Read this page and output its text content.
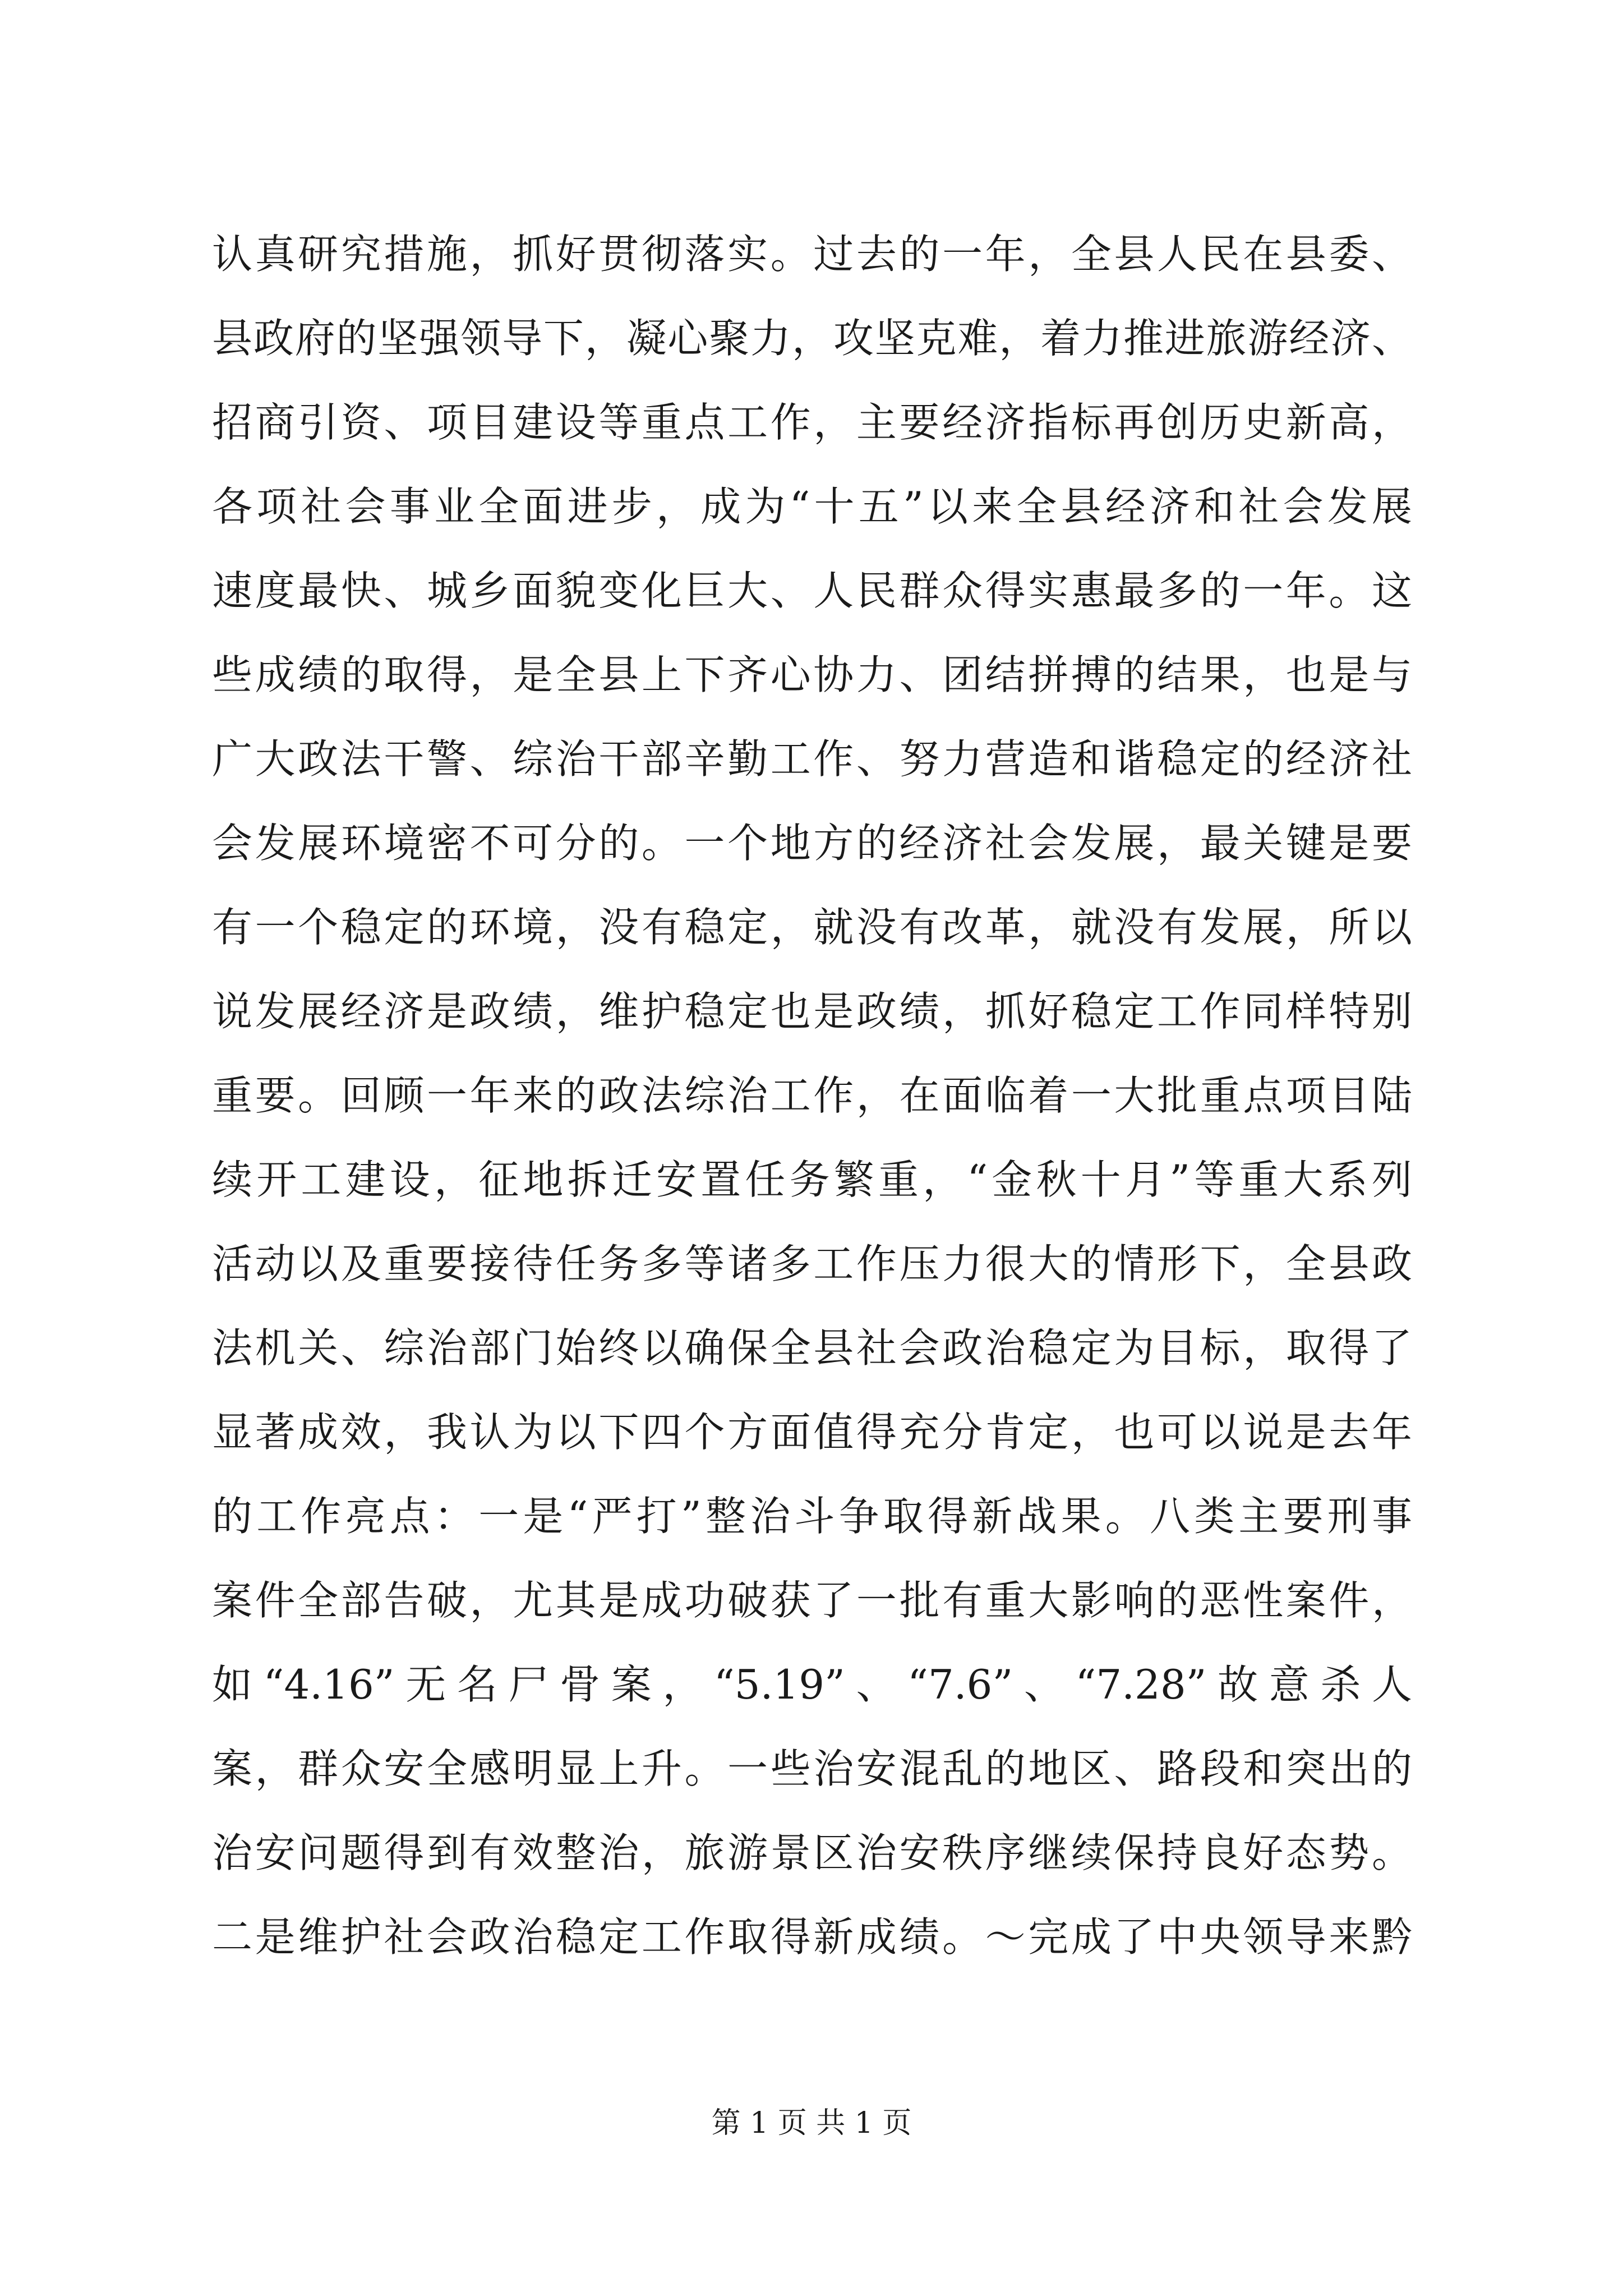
认真研究措施，抓好贯彻落实。过去的一年，全县人民在县委、
县政府的坚强领导下，凝心聚力，攻坚克难，着力推进旅游经济、
招商引资、项目建设等重点工作，主要经济指标再创历史新高，
各项社会事业全面进步，成为“十五”以来全县经济和社会发展
速度最快、城乡面貌变化巨大、人民群众得实惠最多的一年。这
些成绩的取得，是全县上下齐心协力、团结拼搏的结果，也是与
广大政法干警、综治干部辛勤工作、努力营造和谐稳定的经济社
会发展环境密不可分的。一个地方的经济社会发展，最关键是要
有一个稳定的环境，没有稳定，就没有改革，就没有发展，所以
说发展经济是政绩，维护稳定也是政绩，抓好稳定工作同样特别
重要。回顾一年来的政法综治工作，在面临着一大批重点项目陆
续开工建设，征地拆迁安置任务繁重，“金秋十月”等重大系列
活动以及重要接待任务多等诸多工作压力很大的情形下，全县政
法机关、综治部门始终以确保全县社会政治稳定为目标，取得了
显著成效，我认为以下四个方面值得充分肯定，也可以说是去年
的工作亮点：一是“严打”整治斗争取得新战果。八类主要刑事
案件全部告破，尤其是成功破获了一批有重大影响的恶性案件，
如“4.16”无名尸骨案，“5.19”、“7.6”、“7.28”故意杀人
案，群众安全感明显上升。一些治安混乱的地区、路段和突出的
治安问题得到有效整治，旅游景区治安秩序继续保持良好态势。
二是维护社会政治稳定工作取得新成绩。～完成了中央领导来黔
第 1 页 共 1 页
